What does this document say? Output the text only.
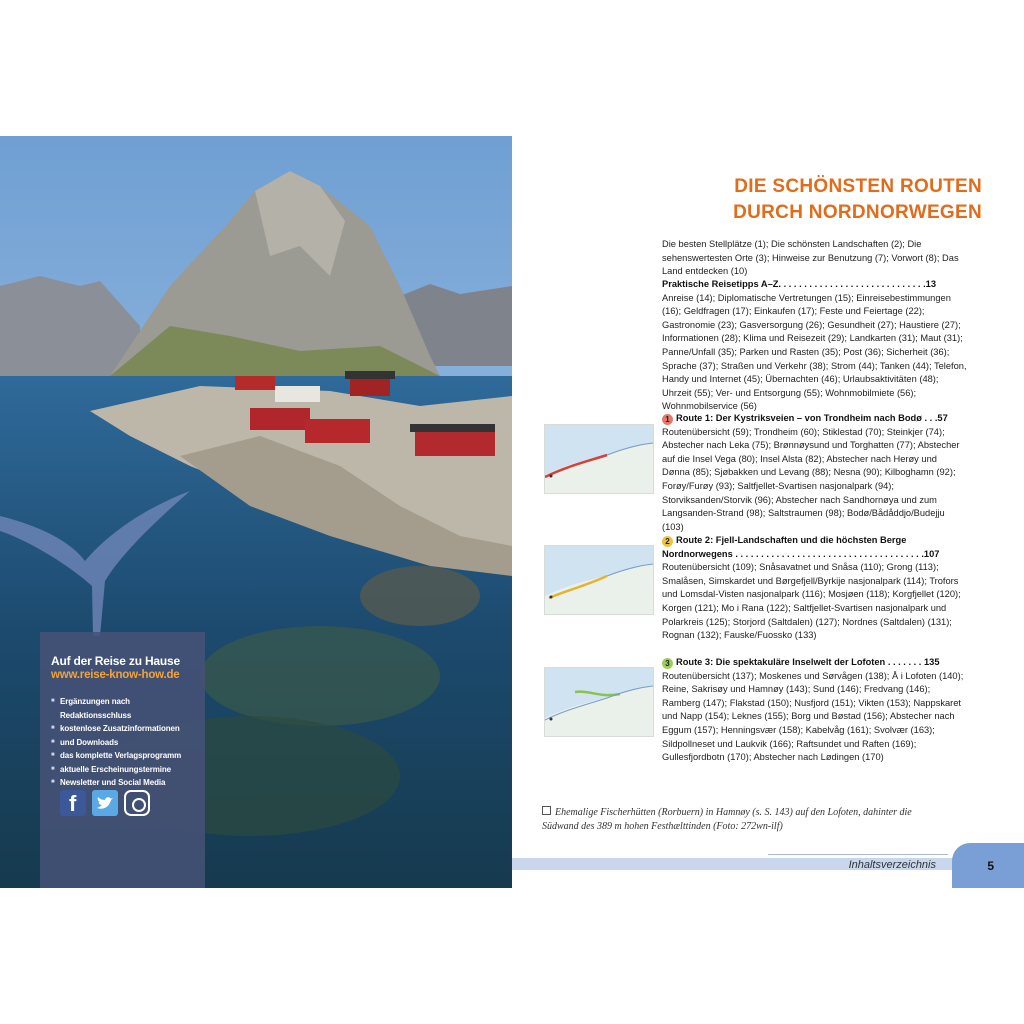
Auf der Reise zu Hause
www.reise-know-how.de
■ Ergänzungen nach Redaktionsschluss
■ kostenlose Zusatzinformationen
■ und Downloads
■ das komplette Verlagsprogramm
■ aktuelle Erscheinungstermine
■ Newsletter und Social Media
f
DIE SCHÖNSTEN ROUTEN
DURCH NORDNORWEGEN
Die besten Stellplätze (1); Die schönsten Landschaften (2); Die sehenswertesten Orte (3); Hinweise zur Benutzung (7); Vorwort (8); Das Land entdecken (10)
Praktische Reisetipps A–Z. . . . . . . . . . . . . . . . . . . . . . . . . . . . .13
Anreise (14); Diplomatische Vertretungen (15); Einreisebestimmungen (16); Geldfragen (17); Einkaufen (17); Feste und Feiertage (22); Gastronomie (23); Gasversorgung (26); Gesundheit (27); Haustiere (27); Informationen (28); Klima und Reisezeit (29); Landkarten (31); Maut (31); Panne/Unfall (35); Parken und Rasten (35); Post (36); Sicherheit (36); Sprache (37); Straßen und Verkehr (38); Strom (44); Tanken (44); Telefon, Handy und Internet (45); Übernachten (46); Urlaubsaktivitäten (48); Uhrzeit (55); Ver- und Entsorgung (55); Wohnmobilmiete (56); Wohnmobilservice (56)
1 Route 1: Der Kystriksveien – von Trondheim nach Bodø . . .57
Routenübersicht (59); Trondheim (60); Stiklestad (70); Steinkjer (74); Abstecher nach Leka (75); Brønnøysund und Torghatten (77); Abstecher auf die Insel Vega (80); Insel Alsta (82); Abstecher nach Herøy und Dønna (85); Sjøbakken und Levang (88); Nesna (90); Kilboghamn (92); Forøy/Furøy (93); Saltfjellet-Svartisen nasjonalpark (94); Storviksanden/Storvik (96); Abstecher nach Sandhornøya und zum Langsanden-Strand (98); Saltstraumen (98); Bodø/Bådåddjo/Budejju (103)
2 Route 2: Fjell-Landschaften und die höchsten Berge Nordnorwegens . . . . . . . . . . . . . . . . . . . . . . . . . . . . . . . . . . . . .107
Routenübersicht (109); Snåsavatnet und Snåsa (110); Grong (113); Smalåsen, Simskardet und Børgefjell/Byrkije nasjonalpark (114); Trofors und Lomsdal-Visten nasjonalpark (116); Mosjøen (118); Korgfjellet (120); Korgen (121); Mo i Rana (122); Saltfjellet-Svartisen nasjonalpark und Polarkreis (125); Storjord (Saltdalen) (127); Nordnes (Saltdalen) (131); Rognan (132); Fauske/Fuossko (133)
3 Route 3: Die spektakuläre Inselwelt der Lofoten . . . . . . . 135
Routenübersicht (137); Moskenes und Sørvågen (138); Å i Lofoten (140); Reine, Sakrisøy und Hamnøy (143); Sund (146); Fredvang (146); Ramberg (147); Flakstad (150); Nusfjord (151); Vikten (153); Nappskaret und Napp (154); Leknes (155); Borg und Bøstad (156); Abstecher nach Eggum (157); Henningsvær (158); Kabelvåg (161); Svolvær (163); Sildpollneset und Laukvik (166); Raftsundet und Raften (169); Gullesfjordbotn (170); Abstecher nach Lødingen (170)
Ehemalige Fischerhütten (Rorbuern) in Hamnøy (s. S. 143) auf den Lofoten, dahinter die Südwand des 389 m hohen Festhælttinden (Foto: 272wn-ilf)
Inhaltsverzeichnis	5
